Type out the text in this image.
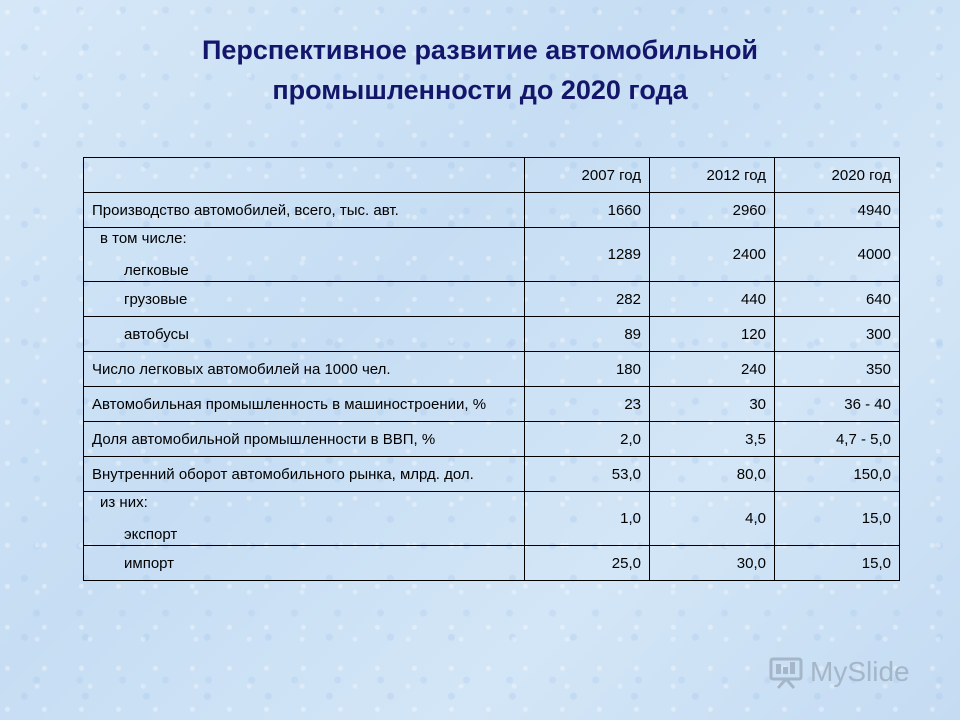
Перспективное развитие автомобильной
промышленности до 2020 года
	2007 год	2012 год	2020 год
Производство автомобилей, всего, тыс. авт.	1660	2960	4940

в том числе:
легковые	1289	2400	4000

грузовые	282	440	640

автобусы	89	120	300
Число легковых автомобилей на 1000 чел.	180	240	350
Автомобильная промышленность в машиностроении, %	23	30	36 - 40
Доля автомобильной промышленности в ВВП, %	2,0	3,5	4,7 - 5,0
Внутренний оборот автомобильного рынка, млрд. дол.	53,0	80,0	150,0

из них:
экспорт	1,0	4,0	15,0

импорт	25,0	30,0	15,0
MySlide
